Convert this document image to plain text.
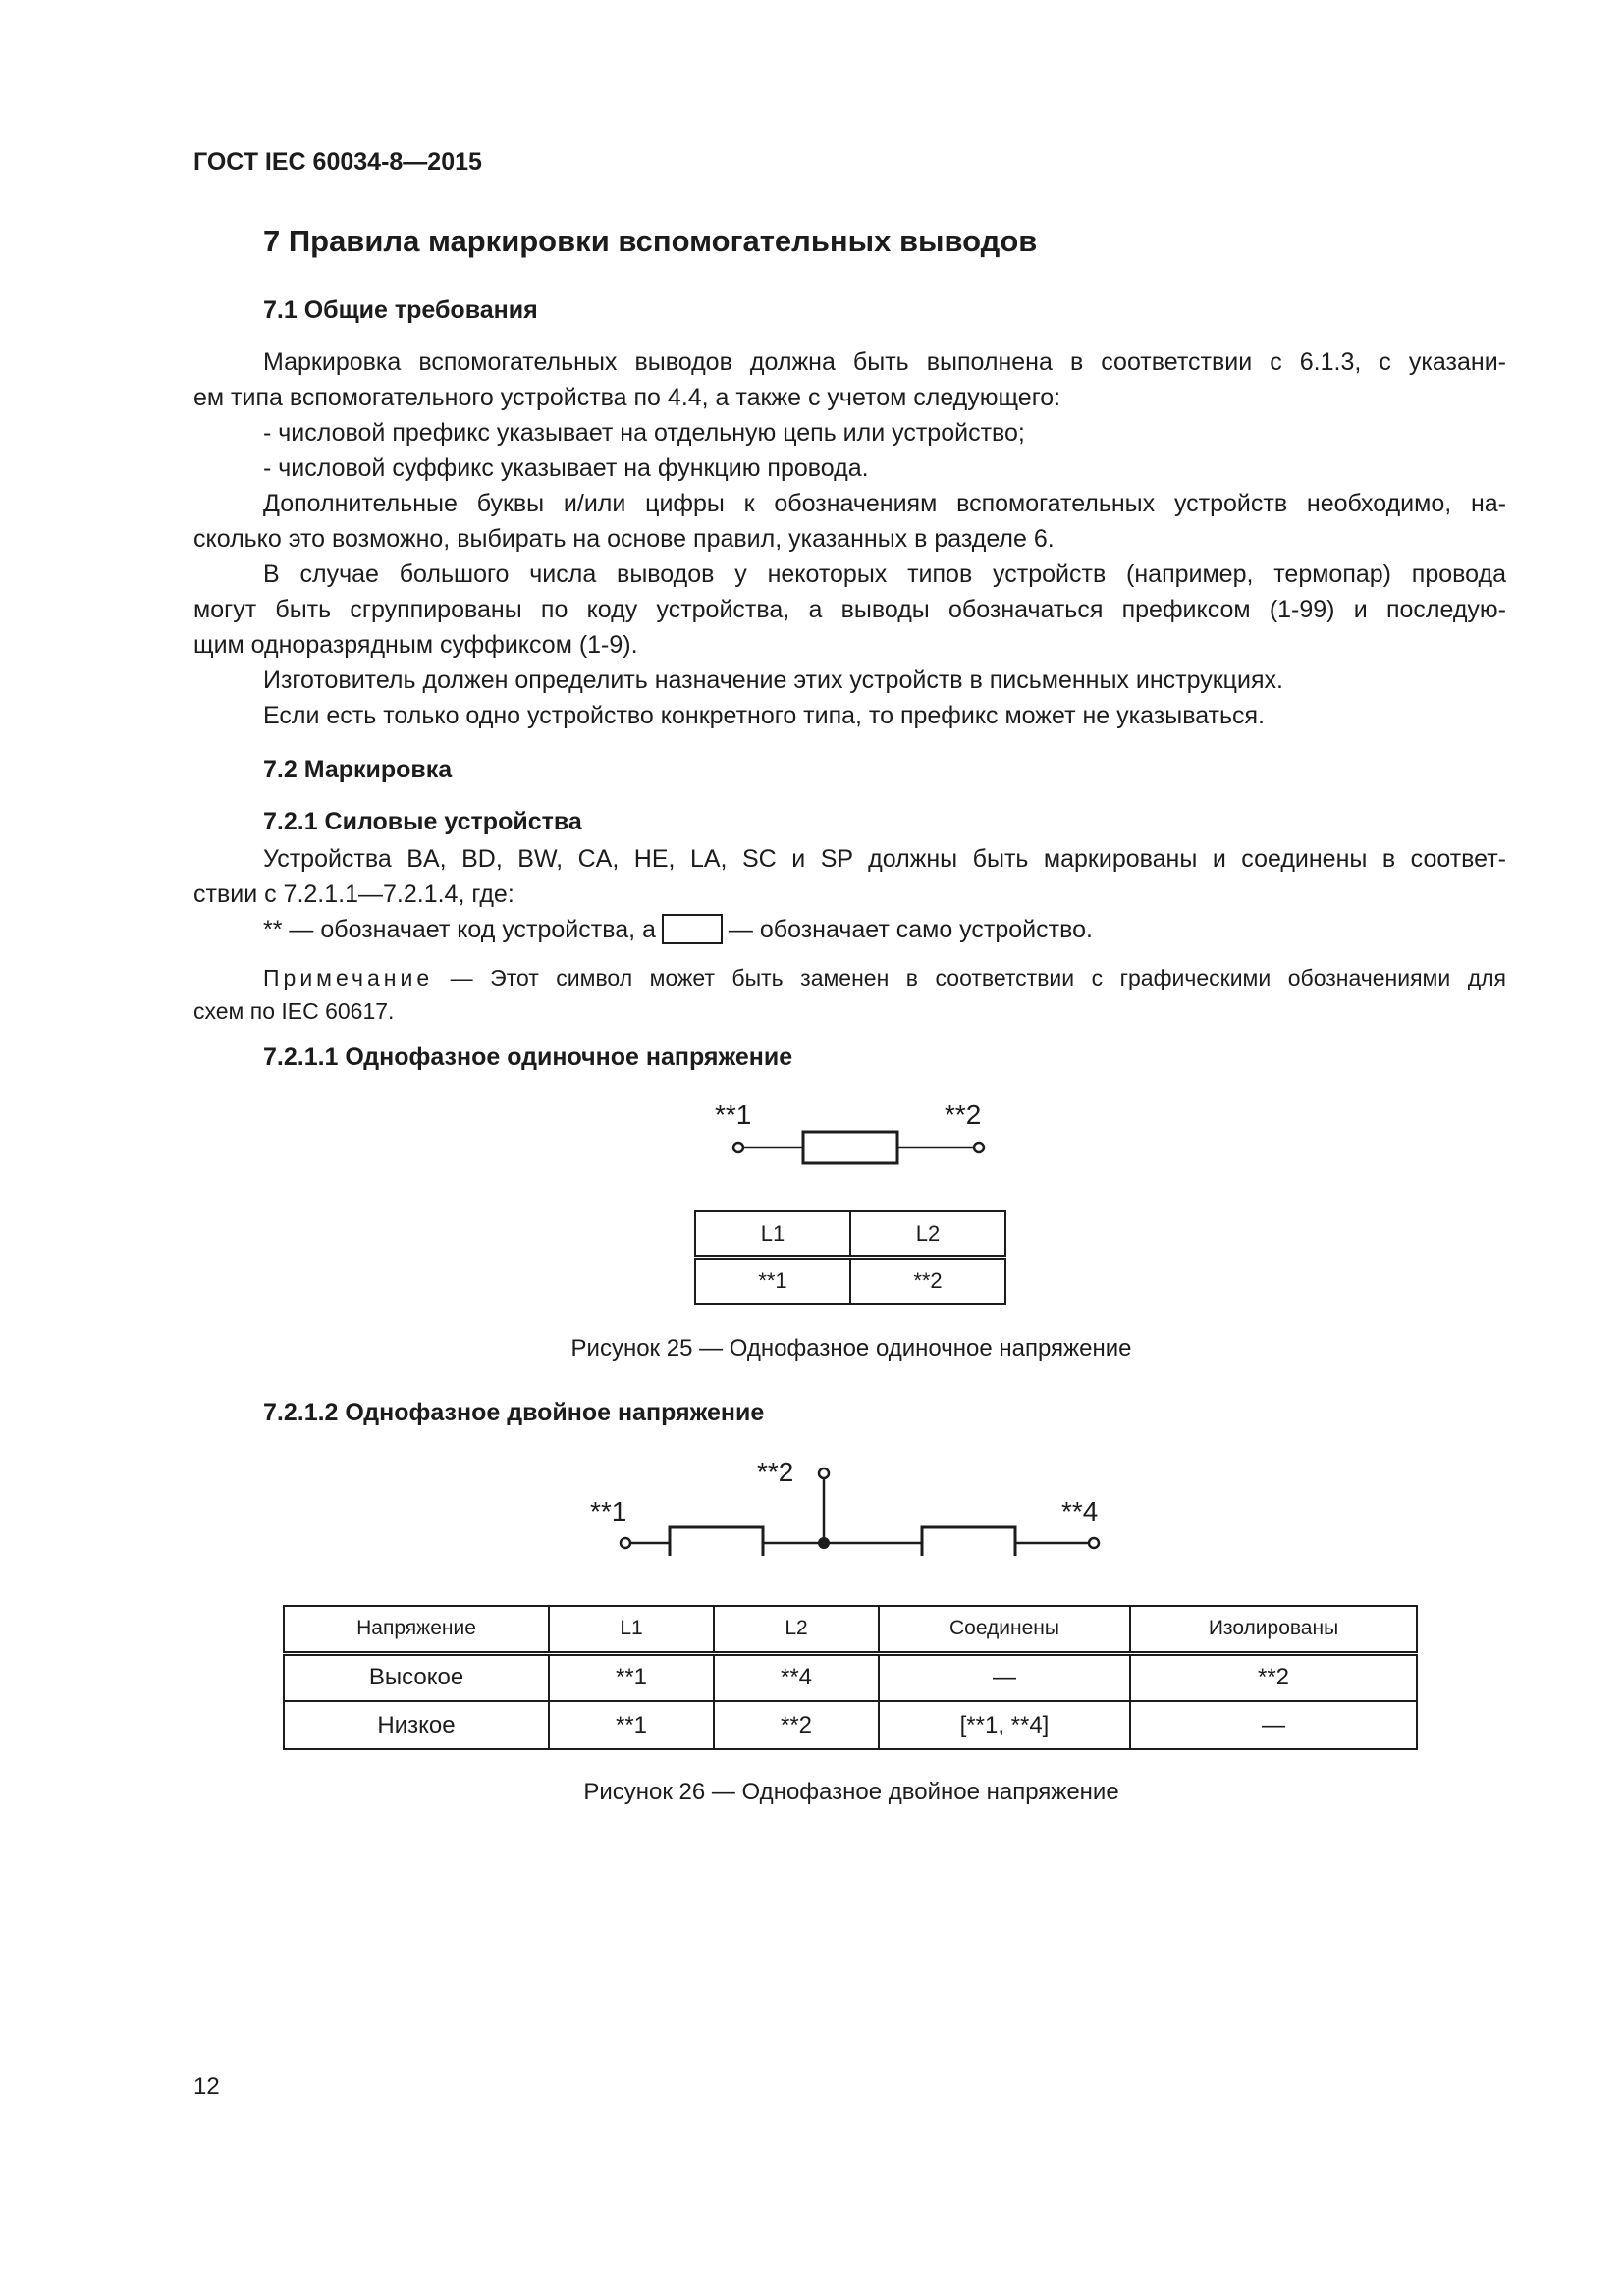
ГОСТ IEC 60034-8—2015
7 Правила маркировки вспомогательных выводов
7.1 Общие требования
Маркировка вспомогательных выводов должна быть выполнена в соответствии с 6.1.3, с указани-
ем типа вспомогательного устройства по 4.4, а также с учетом следующего:
- числовой префикс указывает на отдельную цепь или устройство;
- числовой суффикс указывает на функцию провода.
Дополнительные буквы и/или цифры к обозначениям вспомогательных устройств необходимо, на-
сколько это возможно, выбирать на основе правил, указанных в разделе 6.
В случае большого числа выводов у некоторых типов устройств (например, термопар) провода
могут быть сгруппированы по коду устройства, а выводы обозначаться префиксом (1-99) и последую-
щим одноразрядным суффиксом (1-9).
Изготовитель должен определить назначение этих устройств в письменных инструкциях.
Если есть только одно устройство конкретного типа, то префикс может не указываться.
7.2 Маркировка
7.2.1 Силовые устройства
Устройства BA, BD, BW, CA, HE, LA, SC и SP должны быть маркированы и соединены в соответ-
ствии с 7.2.1.1—7.2.1.4, где:
** — обозначает код устройства, а	— обозначает само устройство.
Примечание — Этот символ может быть заменен в соответствии с графическими обозначениями для
схем по IEC 60617.
7.2.1.1 Однофазное одиночное напряжение
**1	**2
L1	L2
**1	**2
Рисунок 25 — Однофазное одиночное напряжение
7.2.1.2 Однофазное двойное напряжение
**1
**2
**4
Напряжение	L1	L2	Соединены	Изолированы
Высокое	**1	**4	—	**2
Низкое	**1	**2	[**1, **4]	—
Рисунок 26 — Однофазное двойное напряжение
12
